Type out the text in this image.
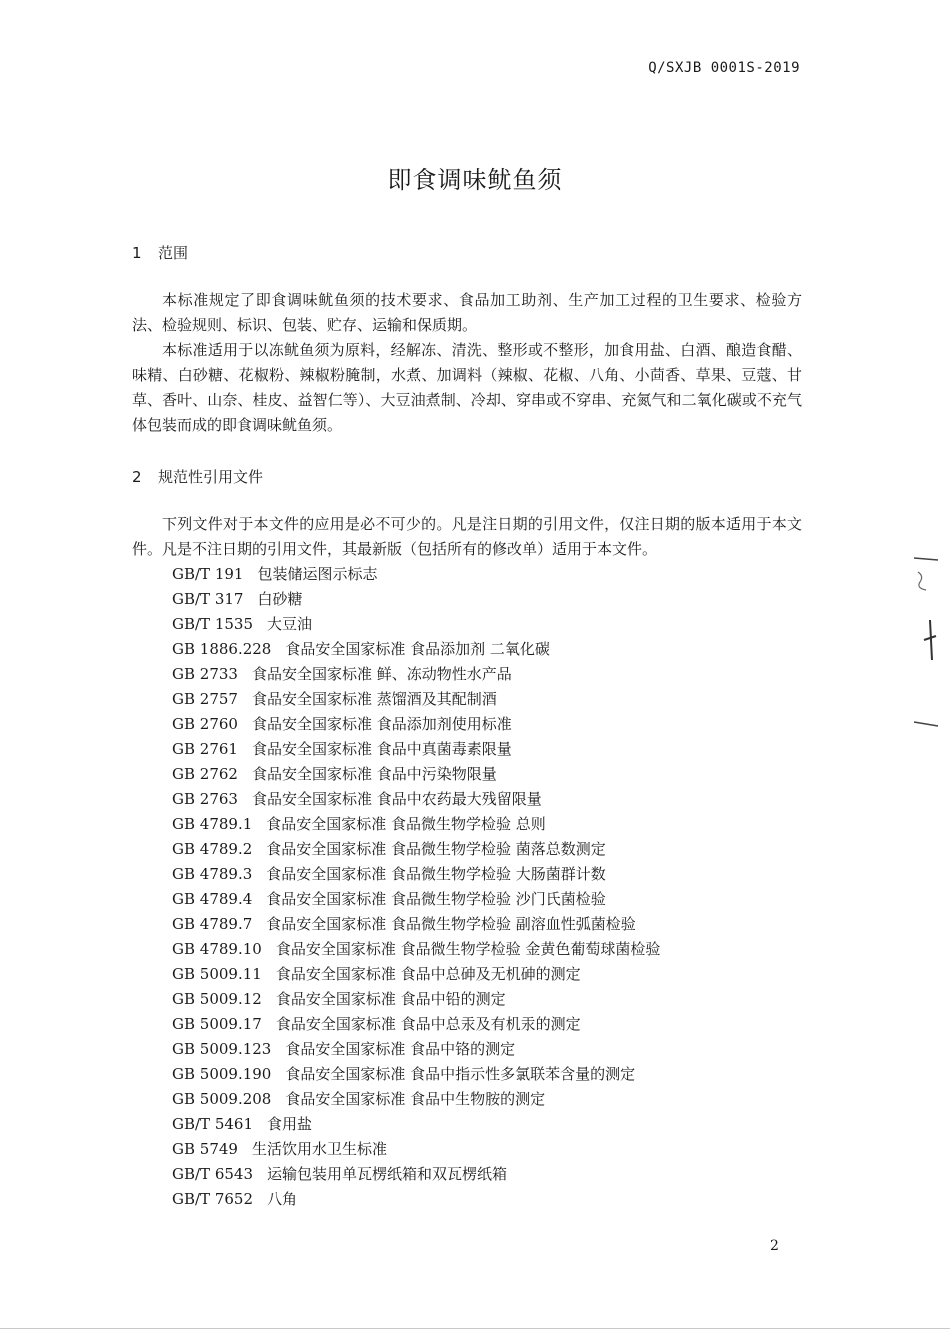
Q/SXJB 0001S-2019
即食调味鱿鱼须
1 范围

本标准规定了即食调味鱿鱼须的技术要求、食品加工助剂、生产加工过程的卫生要求、检验方法、检验规则、标识、包装、贮存、运输和保质期。

本标准适用于以冻鱿鱼须为原料，经解冻、清洗、整形或不整形，加食用盐、白酒、酿造食醋、味精、白砂糖、花椒粉、辣椒粉腌制，水煮、加调料（辣椒、花椒、八角、小茴香、草果、豆蔻、甘草、香叶、山奈、桂皮、益智仁等）、大豆油煮制、冷却、穿串或不穿串、充氮气和二氧化碳或不充气体包装而成的即食调味鱿鱼须。

2 规范性引用文件

下列文件对于本文件的应用是必不可少的。凡是注日期的引用文件，仅注日期的版本适用于本文件。凡是不注日期的引用文件，其最新版（包括所有的修改单）适用于本文件。

GB/T 191 包装储运图示标志
GB/T 317 白砂糖
GB/T 1535 大豆油
GB 1886.228 食品安全国家标准 食品添加剂 二氧化碳
GB 2733 食品安全国家标准 鲜、冻动物性水产品
GB 2757 食品安全国家标准 蒸馏酒及其配制酒
GB 2760 食品安全国家标准 食品添加剂使用标准
GB 2761 食品安全国家标准 食品中真菌毒素限量
GB 2762 食品安全国家标准 食品中污染物限量
GB 2763 食品安全国家标准 食品中农药最大残留限量
GB 4789.1 食品安全国家标准 食品微生物学检验 总则
GB 4789.2 食品安全国家标准 食品微生物学检验 菌落总数测定
GB 4789.3 食品安全国家标准 食品微生物学检验 大肠菌群计数
GB 4789.4 食品安全国家标准 食品微生物学检验 沙门氏菌检验
GB 4789.7 食品安全国家标准 食品微生物学检验 副溶血性弧菌检验
GB 4789.10 食品安全国家标准 食品微生物学检验 金黄色葡萄球菌检验
GB 5009.11 食品安全国家标准 食品中总砷及无机砷的测定
GB 5009.12 食品安全国家标准 食品中铅的测定
GB 5009.17 食品安全国家标准 食品中总汞及有机汞的测定
GB 5009.123 食品安全国家标准 食品中铬的测定
GB 5009.190 食品安全国家标准 食品中指示性多氯联苯含量的测定
GB 5009.208 食品安全国家标准 食品中生物胺的测定
GB/T 5461 食用盐
GB 5749 生活饮用水卫生标准
GB/T 6543 运输包装用单瓦楞纸箱和双瓦楞纸箱
GB/T 7652 八角
2
